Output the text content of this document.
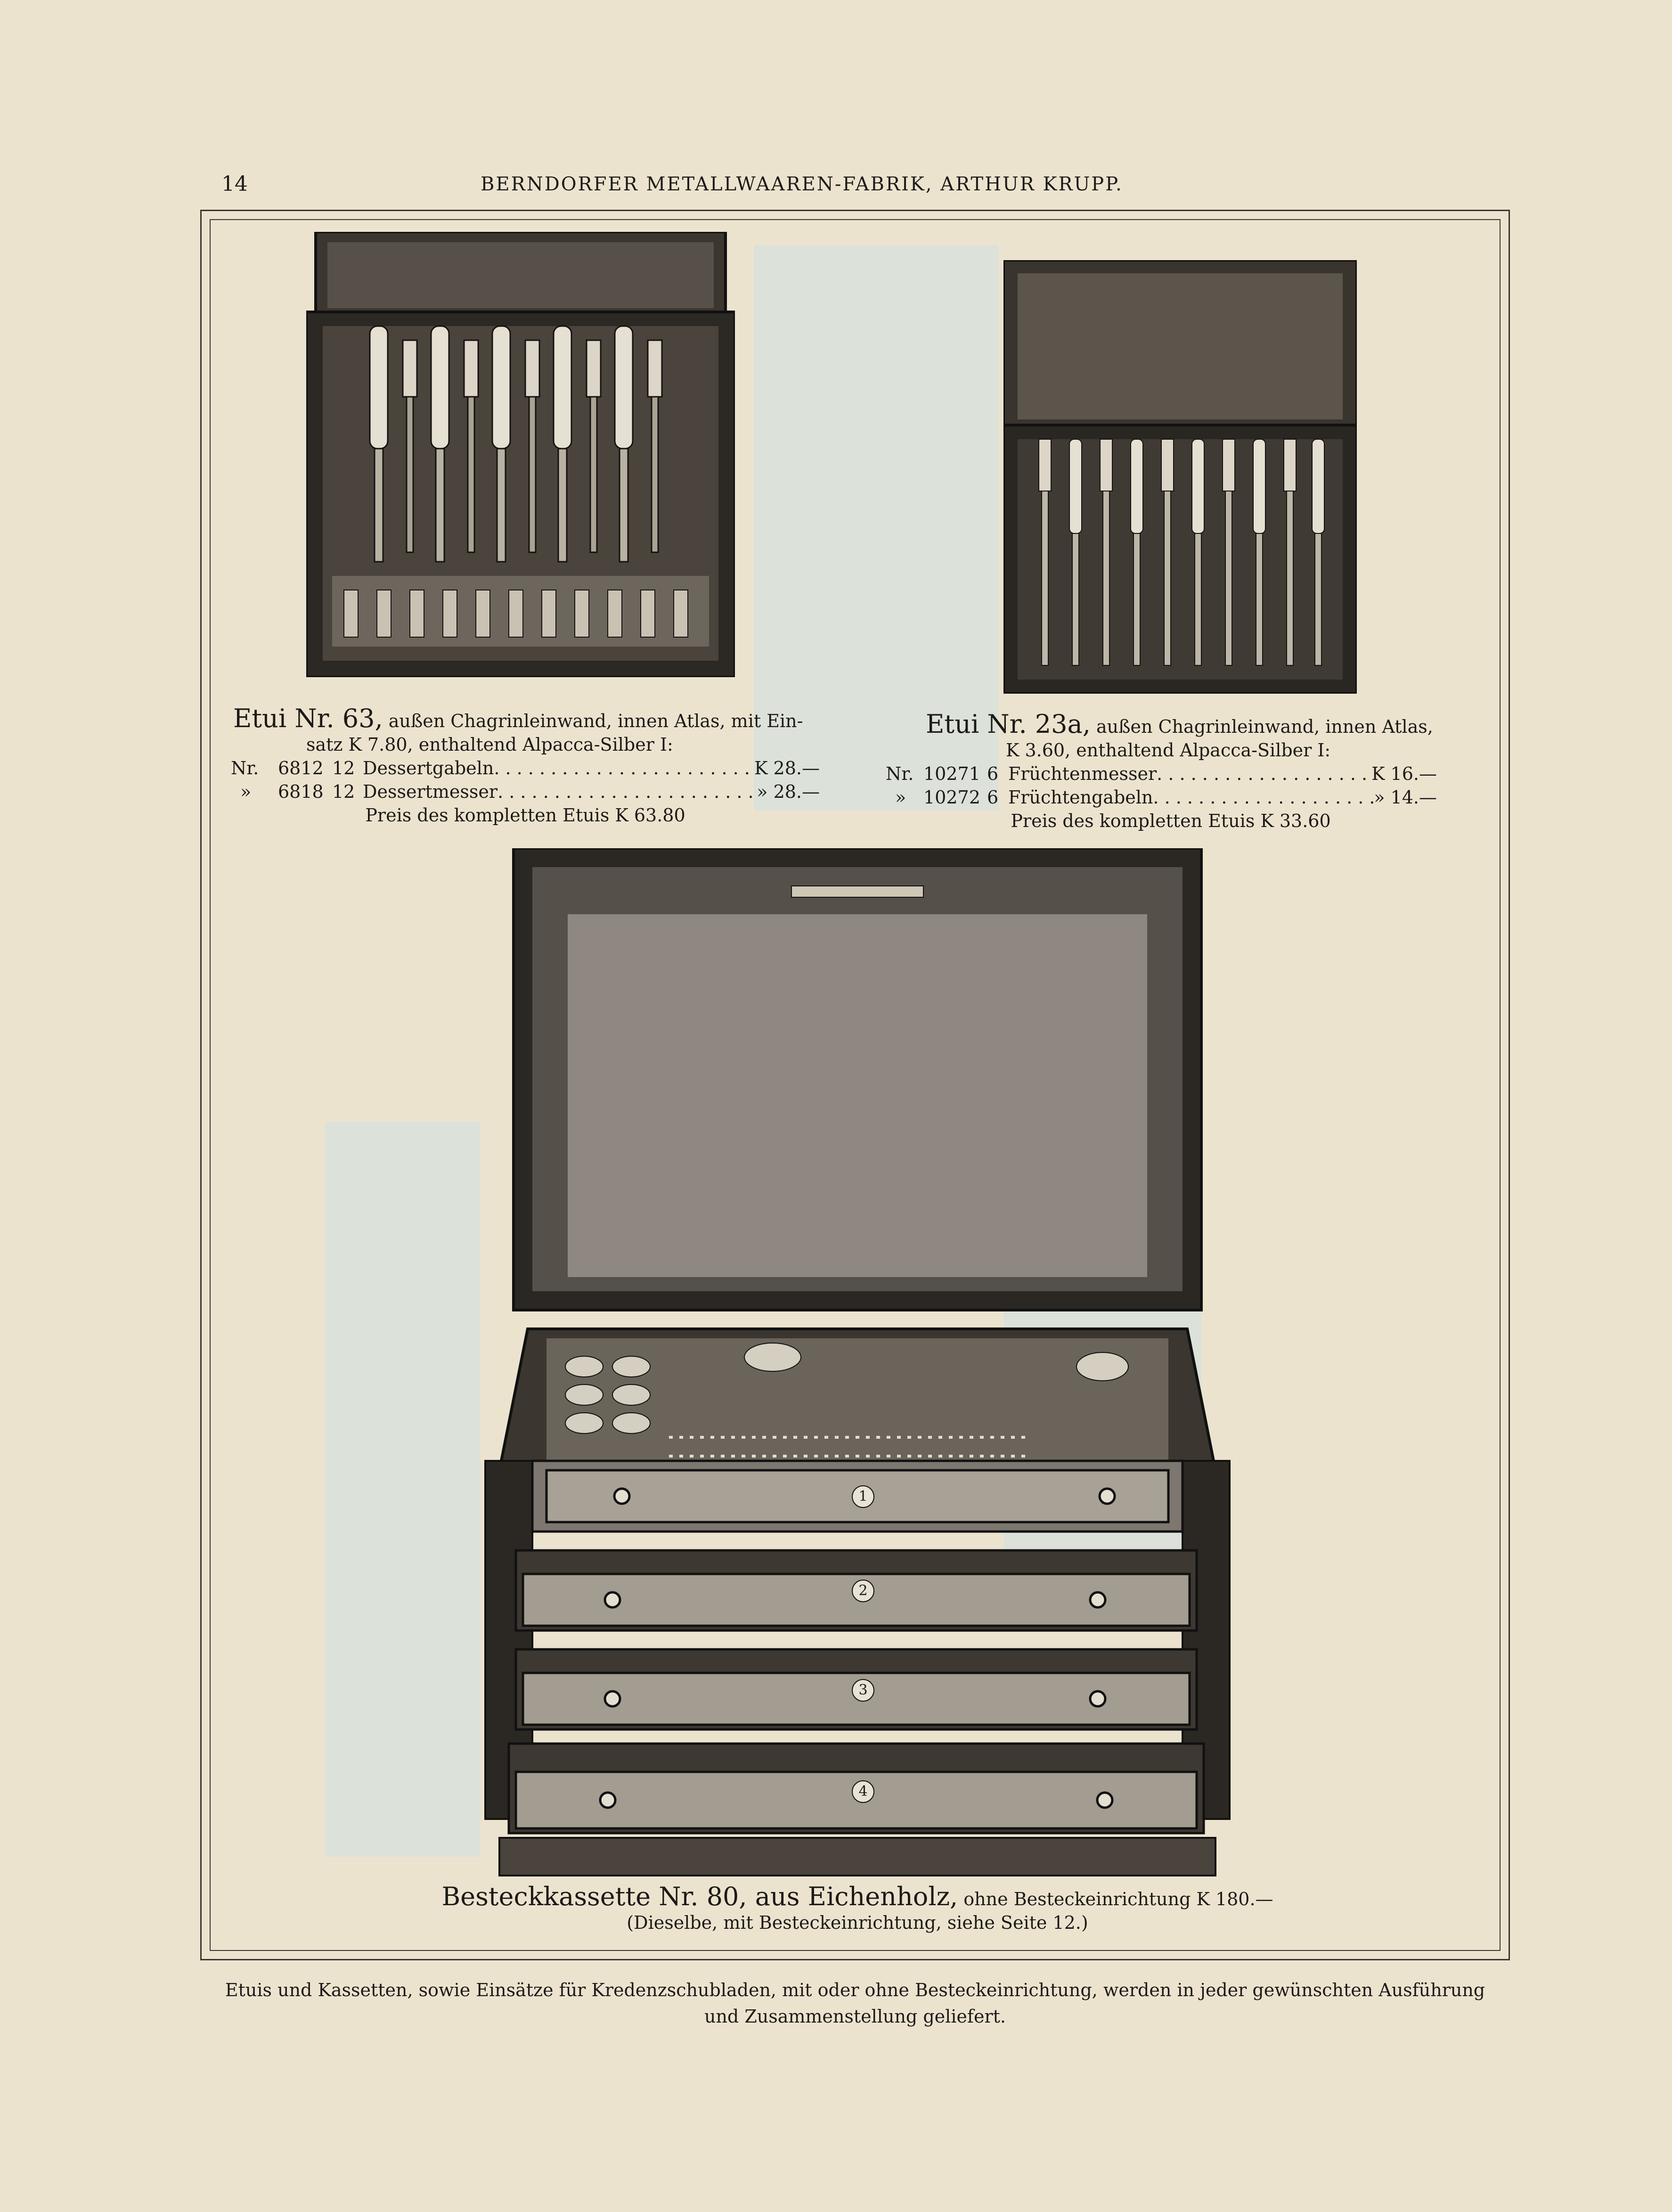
14	BERNDORFER METALLWAAREN-FABRIK, ARTHUR KRUPP.
Etui Nr. 63, außen Chagrinleinwand, innen Atlas, mit Ein-
satz K 7.80, enthaltend Alpacca-Silber I:
Nr.	6812 12 Dessertgabeln . . .	K 28.—
»	6818 12 Dessertmesser . . .	» 28.—
Preis des kompletten Etuis K 63.80
Etui Nr. 23a, außen Chagrinleinwand, innen Atlas,
K 3.60, enthaltend Alpacca-Silber I:
Nr. 10271 6 Früchtenmesser . . .	K 16.—
» 10272 6 Früchtengabeln . . .	» 14.—
Preis des kompletten Etuis K 33.60
1
2
3
4
Besteckkassette Nr. 80, aus Eichenholz, ohne Besteckeinrichtung K 180.—
(Dieselbe, mit Besteckeinrichtung, siehe Seite 12.)
Etuis und Kassetten, sowie Einsätze für Kredenzschubladen, mit oder ohne Besteckeinrichtung, werden in jeder gewünschten Ausführung
und Zusammenstellung geliefert.
